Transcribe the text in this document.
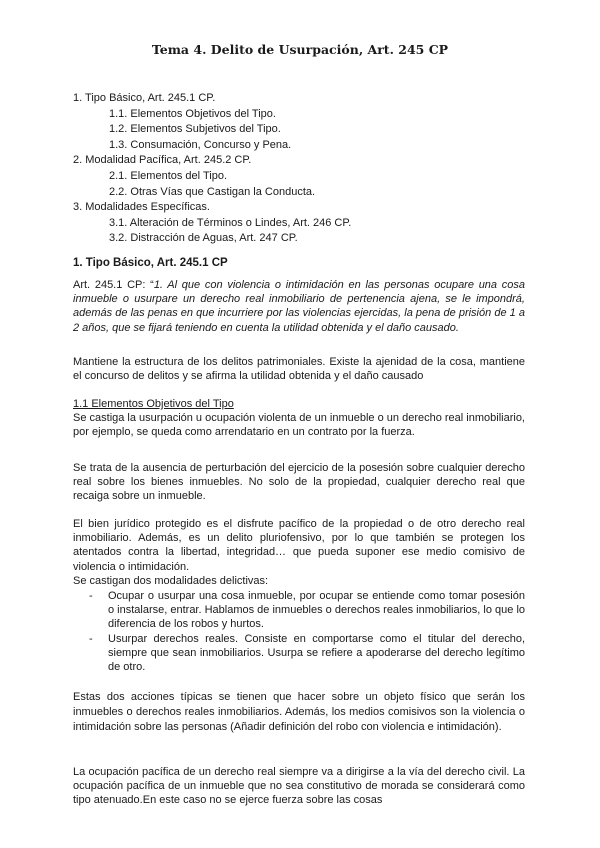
Tema 4. Delito de Usurpación, Art. 245 CP
1. Tipo Básico, Art. 245.1 CP.
1.1. Elementos Objetivos del Tipo.
1.2. Elementos Subjetivos del Tipo.
1.3. Consumación, Concurso y Pena.
2. Modalidad Pacífica, Art. 245.2 CP.
2.1. Elementos del Tipo.
2.2. Otras Vías que Castigan la Conducta.
3. Modalidades Específicas.
3.1. Alteración de Términos o Lindes, Art. 246 CP.
3.2. Distracción de Aguas, Art. 247 CP.
1. Tipo Básico, Art. 245.1 CP
Art. 245.1 CP: “1. Al que con violencia o intimidación en las personas ocupare una cosa inmueble o usurpare un derecho real inmobiliario de pertenencia ajena, se le impondrá, además de las penas en que incurriere por las violencias ejercidas, la pena de prisión de 1 a 2 años, que se fijará teniendo en cuenta la utilidad obtenida y el daño causado.
Mantiene la estructura de los delitos patrimoniales. Existe la ajenidad de la cosa, mantiene el concurso de delitos y se afirma la utilidad obtenida y el daño causado
1.1 Elementos Objetivos del Tipo
Se castiga la usurpación u ocupación violenta de un inmueble o un derecho real inmobiliario, por ejemplo, se queda como arrendatario en un contrato por la fuerza.
Se trata de la ausencia de perturbación del ejercicio de la posesión sobre cualquier derecho real sobre los bienes inmuebles. No solo de la propiedad, cualquier derecho real que recaiga sobre un inmueble.
El bien jurídico protegido es el disfrute pacífico de la propiedad o de otro derecho real inmobiliario. Además, es un delito pluriofensivo, por lo que también se protegen los atentados contra la libertad, integridad… que pueda suponer ese medio comisivo de violencia o intimidación.
Se castigan dos modalidades delictivas:
- Ocupar o usurpar una cosa inmueble, por ocupar se entiende como tomar posesión o instalarse, entrar. Hablamos de inmuebles o derechos reales inmobiliarios, lo que lo diferencia de los robos y hurtos.
- Usurpar derechos reales. Consiste en comportarse como el titular del derecho, siempre que sean inmobiliarios. Usurpa se refiere a apoderarse del derecho legítimo de otro.
Estas dos acciones típicas se tienen que hacer sobre un objeto físico que serán los inmuebles o derechos reales inmobiliarios. Además, los medios comisivos son la violencia o intimidación sobre las personas (Añadir definición del robo con violencia e intimidación).
La ocupación pacífica de un derecho real siempre va a dirigirse a la vía del derecho civil. La ocupación pacífica de un inmueble que no sea constitutivo de morada se considerará como tipo atenuado.En este caso no se ejerce fuerza sobre las cosas
